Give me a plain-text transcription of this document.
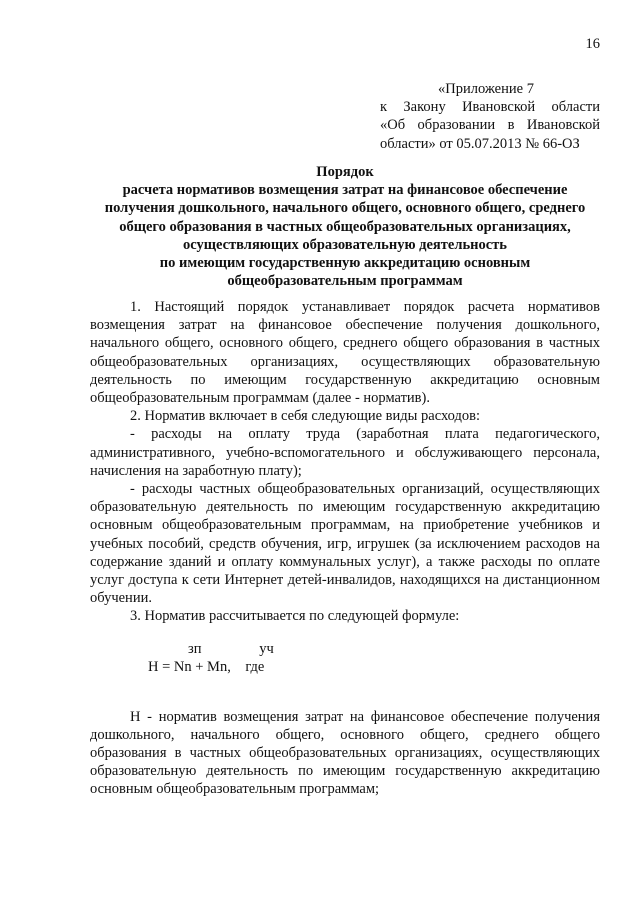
16
«Приложение 7
к Закону Ивановской области
«Об образовании в Ивановской
области» от 05.07.2013 № 66-ОЗ
Порядок
расчета нормативов возмещения затрат на финансовое обеспечение
получения дошкольного, начального общего, основного общего, среднего
общего образования в частных общеобразовательных организациях,
осуществляющих образовательную деятельность
по имеющим государственную аккредитацию основным
общеобразовательным программам

1. Настоящий порядок устанавливает порядок расчета нормативов возмещения затрат на финансовое обеспечение получения дошкольного, начального общего, основного общего, среднего общего образования в частных общеобразовательных организациях, осуществляющих образовательную деятельность по имеющим государственную аккредитацию основным общеобразовательным программам (далее - норматив).

2. Норматив включает в себя следующие виды расходов:

- расходы на оплату труда (заработная плата педагогического, административного, учебно-вспомогательного и обслуживающего персонала, начисления на заработную плату);

- расходы частных общеобразовательных организаций, осуществляющих образовательную деятельность по имеющим государственную аккредитацию основным общеобразовательным программам, на приобретение учебников и учебных пособий, средств обучения, игр, игрушек (за исключением расходов на содержание зданий и оплату коммунальных услуг), а также расходы по оплате услуг доступа к сети Интернет детей-инвалидов, находящихся на дистанционном обучении.

3. Норматив рассчитывается по следующей формуле:

зп      уч
Н = Nn + Мn,    где

Н - норматив возмещения затрат на финансовое обеспечение получения дошкольного, начального общего, основного общего, среднего общего образования в частных общеобразовательных организациях, осуществляющих образовательную деятельность по имеющим государственную аккредитацию основным общеобразовательным программам;
